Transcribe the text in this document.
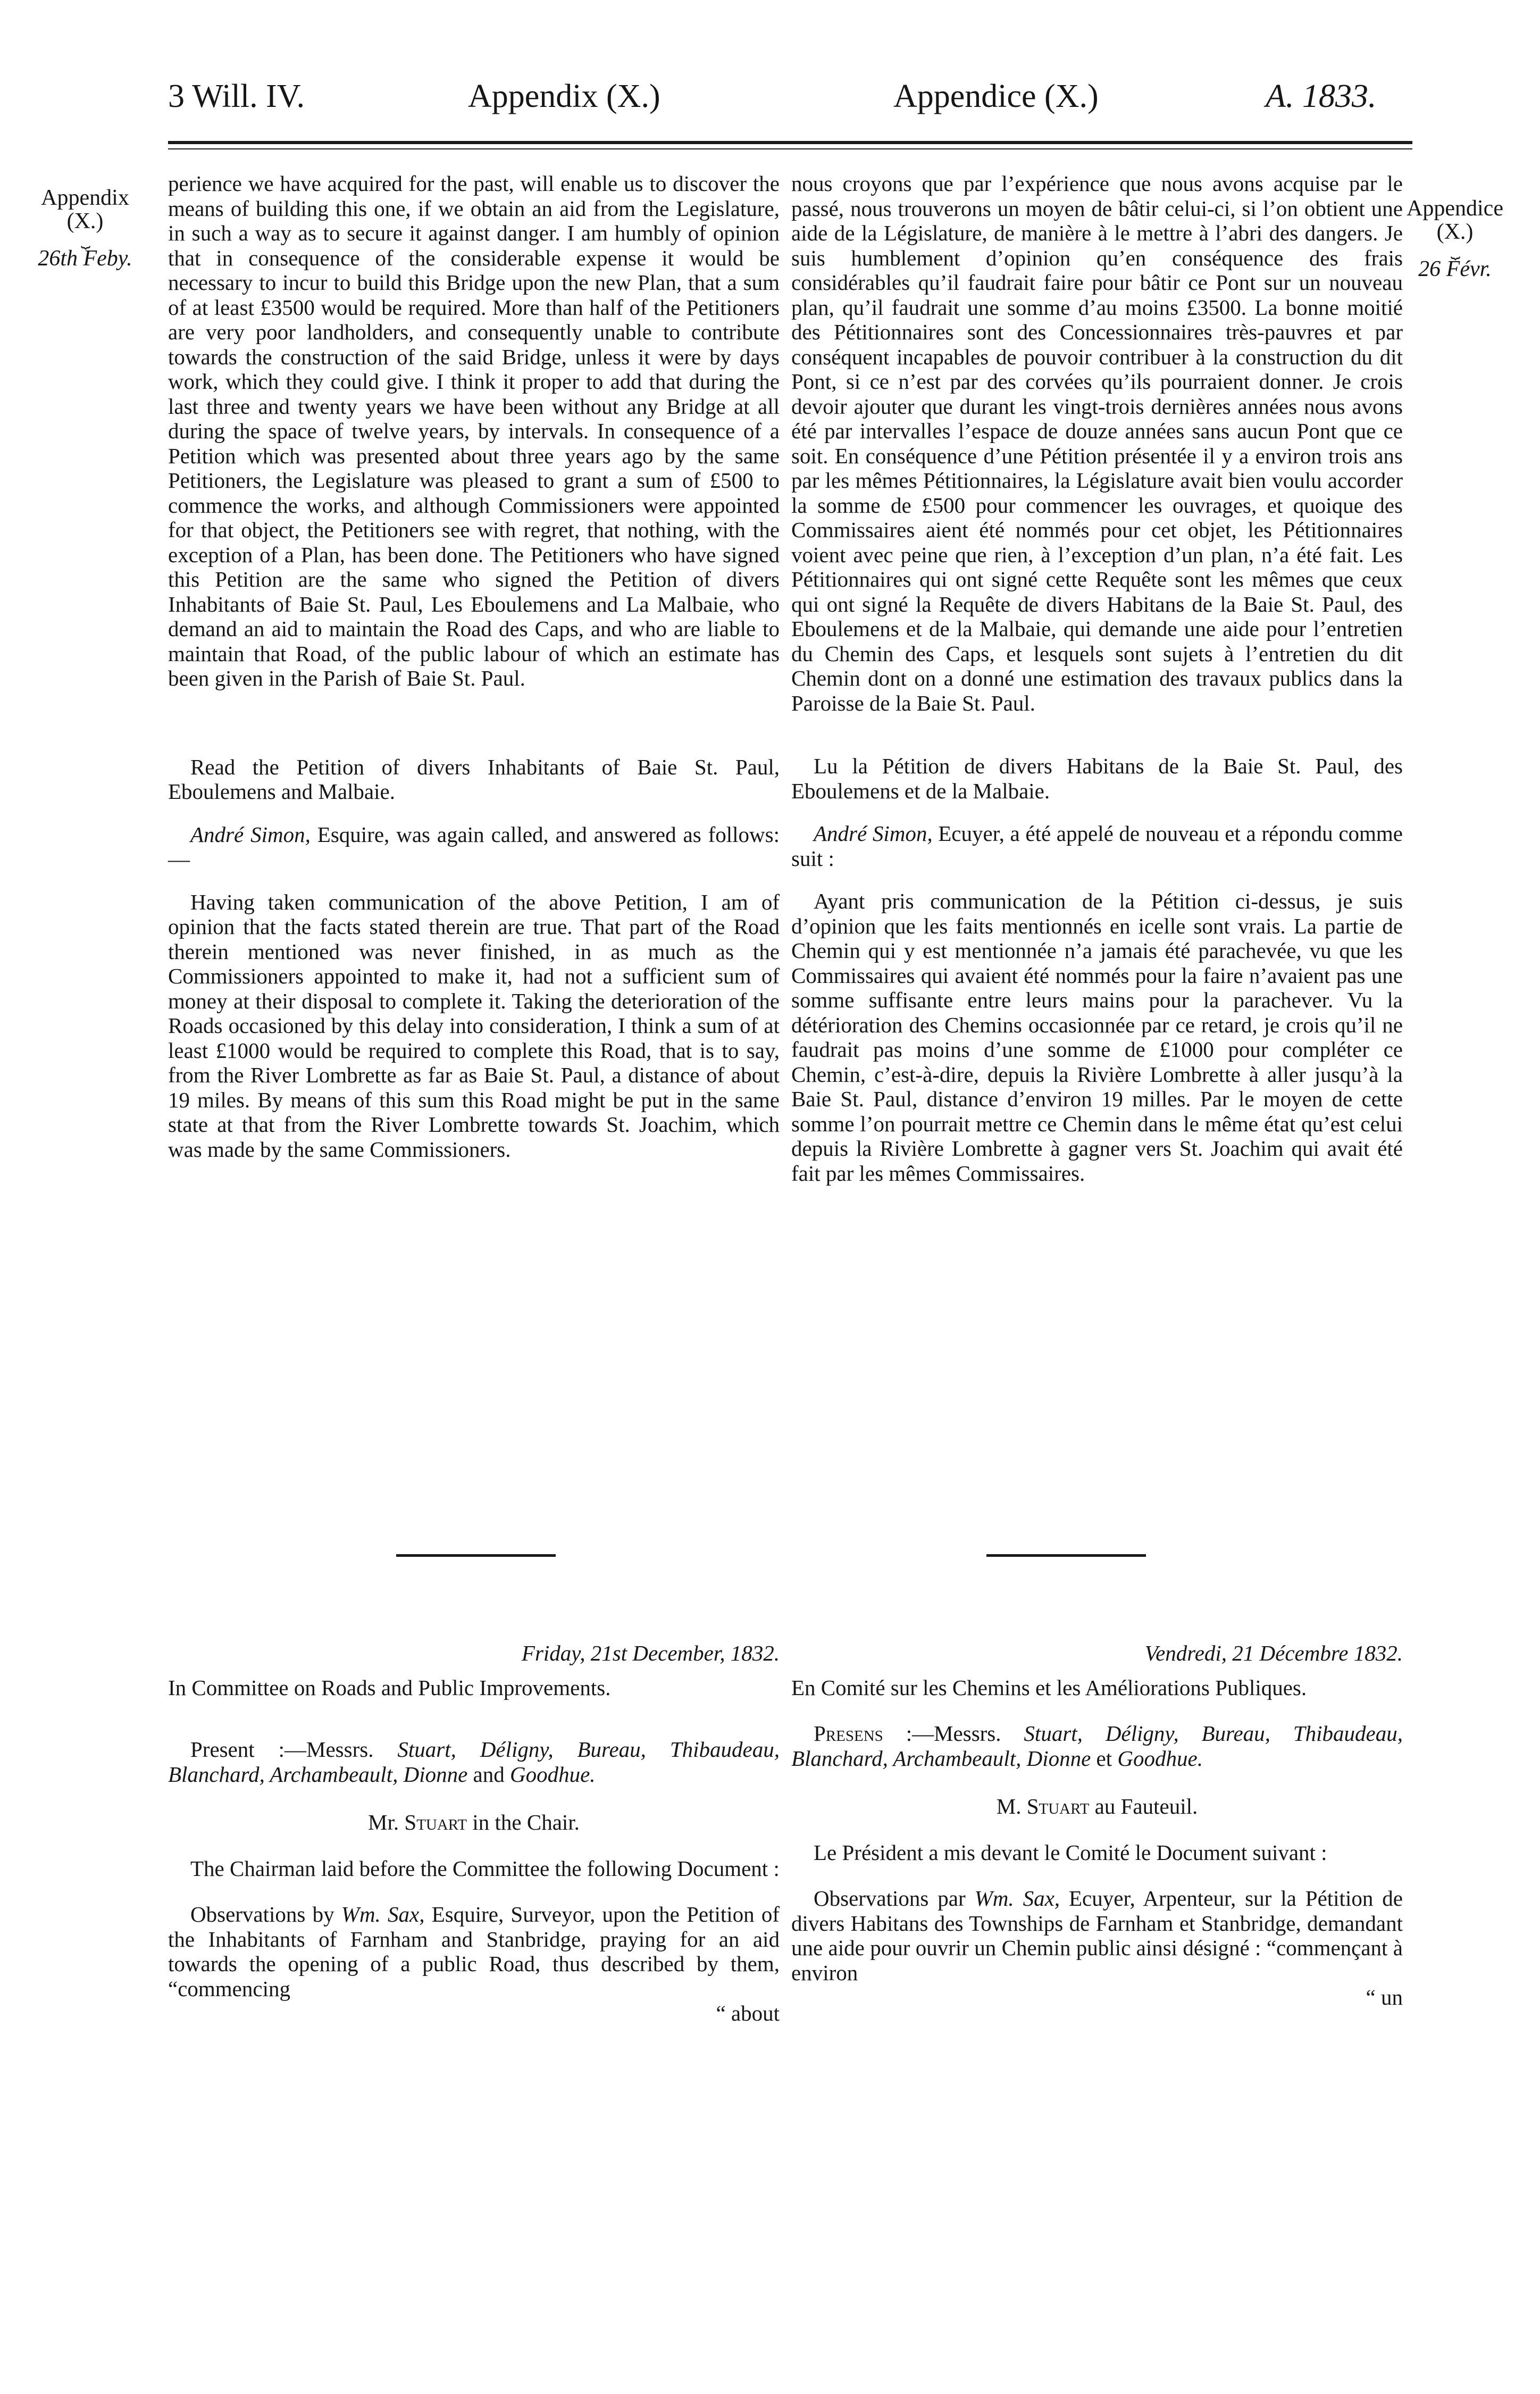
3 Will. IV.	Appendix (X.)	Appendice (X.)	A. 1833.
Appendix
(X.)
⏟
26th Feby.
Appendice
(X.)
⏟
26 Févr.

perience we have acquired for the past, will enable us to discover the means of building this one, if we obtain an aid from the Legislature, in such a way as to secure it against danger. I am humbly of opinion that in consequence of the considerable expense it would be necessary to incur to build this Bridge upon the new Plan, that a sum of at least £3500 would be required. More than half of the Petitioners are very poor landholders, and consequently unable to contribute towards the construction of the said Bridge, unless it were by days work, which they could give. I think it proper to add that during the last three and twenty years we have been without any Bridge at all during the space of twelve years, by intervals. In consequence of a Petition which was presented about three years ago by the same Petitioners, the Legislature was pleased to grant a sum of £500 to commence the works, and although Commissioners were appointed for that object, the Petitioners see with regret, that nothing, with the exception of a Plan, has been done. The Petitioners who have signed this Petition are the same who signed the Petition of divers Inhabitants of Baie St. Paul, Les Eboulemens and La Malbaie, who demand an aid to maintain the Road des Caps, and who are liable to maintain that Road, of the public labour of which an estimate has been given in the Parish of Baie St. Paul.

Read the Petition of divers Inhabitants of Baie St. Paul, Eboulemens and Malbaie.

André Simon, Esquire, was again called, and answered as follows:—

Having taken communication of the above Petition, I am of opinion that the facts stated therein are true. That part of the Road therein mentioned was never finished, in as much as the Commissioners appointed to make it, had not a sufficient sum of money at their disposal to complete it. Taking the deterioration of the Roads occasioned by this delay into consideration, I think a sum of at least £1000 would be required to complete this Road, that is to say, from the River Lombrette as far as Baie St. Paul, a distance of about 19 miles. By means of this sum this Road might be put in the same state at that from the River Lombrette towards St. Joachim, which was made by the same Commissioners.

nous croyons que par l’expérience que nous avons acquise par le passé, nous trouverons un moyen de bâtir celui-ci, si l’on obtient une aide de la Législature, de manière à le mettre à l’abri des dangers. Je suis humblement d’opinion qu’en conséquence des frais considérables qu’il faudrait faire pour bâtir ce Pont sur un nouveau plan, qu’il faudrait une somme d’au moins £3500. La bonne moitié des Pétitionnaires sont des Concessionnaires très-pauvres et par conséquent incapables de pouvoir contribuer à la construction du dit Pont, si ce n’est par des corvées qu’ils pourraient donner. Je crois devoir ajouter que durant les vingt-trois dernières années nous avons été par intervalles l’espace de douze années sans aucun Pont que ce soit. En conséquence d’une Pétition présentée il y a environ trois ans par les mêmes Pétitionnaires, la Législature avait bien voulu accorder la somme de £500 pour commencer les ouvrages, et quoique des Commissaires aient été nommés pour cet objet, les Pétitionnaires voient avec peine que rien, à l’exception d’un plan, n’a été fait. Les Pétitionnaires qui ont signé cette Requête sont les mêmes que ceux qui ont signé la Requête de divers Habitans de la Baie St. Paul, des Eboulemens et de la Malbaie, qui demande une aide pour l’entretien du Chemin des Caps, et lesquels sont sujets à l’entretien du dit Chemin dont on a donné une estimation des travaux publics dans la Paroisse de la Baie St. Paul.

Lu la Pétition de divers Habitans de la Baie St. Paul, des Eboulemens et de la Malbaie.

André Simon, Ecuyer, a été appelé de nouveau et a répondu comme suit :

Ayant pris communication de la Pétition ci-dessus, je suis d’opinion que les faits mentionnés en icelle sont vrais. La partie de Chemin qui y est mentionnée n’a jamais été parachevée, vu que les Commissaires qui avaient été nommés pour la faire n’avaient pas une somme suffisante entre leurs mains pour la parachever. Vu la détérioration des Chemins occasionnée par ce retard, je crois qu’il ne faudrait pas moins d’une somme de £1000 pour compléter ce Chemin, c’est-à-dire, depuis la Rivière Lombrette à aller jusqu’à la Baie St. Paul, distance d’environ 19 milles. Par le moyen de cette somme l’on pourrait mettre ce Chemin dans le même état qu’est celui depuis la Rivière Lombrette à gagner vers St. Joachim qui avait été fait par les mêmes Commissaires.

Friday, 21st December, 1832.

In Committee on Roads and Public Improvements.

Present :—Messrs. Stuart, Déligny, Bureau, Thibaudeau, Blanchard, Archambeault, Dionne and Goodhue.

Mr. Stuart in the Chair.

The Chairman laid before the Committee the following Document :

Observations by Wm. Sax, Esquire, Surveyor, upon the Petition of the Inhabitants of Farnham and Stanbridge, praying for an aid towards the opening of a public Road, thus described by them, “commencing

“ about

Vendredi, 21 Décembre 1832.

En Comité sur les Chemins et les Améliorations Publiques.

Presens :—Messrs. Stuart, Déligny, Bureau, Thibaudeau, Blanchard, Archambeault, Dionne et Goodhue.

M. Stuart au Fauteuil.

Le Président a mis devant le Comité le Document suivant :

Observations par Wm. Sax, Ecuyer, Arpenteur, sur la Pétition de divers Habitans des Townships de Farnham et Stanbridge, demandant une aide pour ouvrir un Chemin public ainsi désigné : “commençant à environ

“ un
